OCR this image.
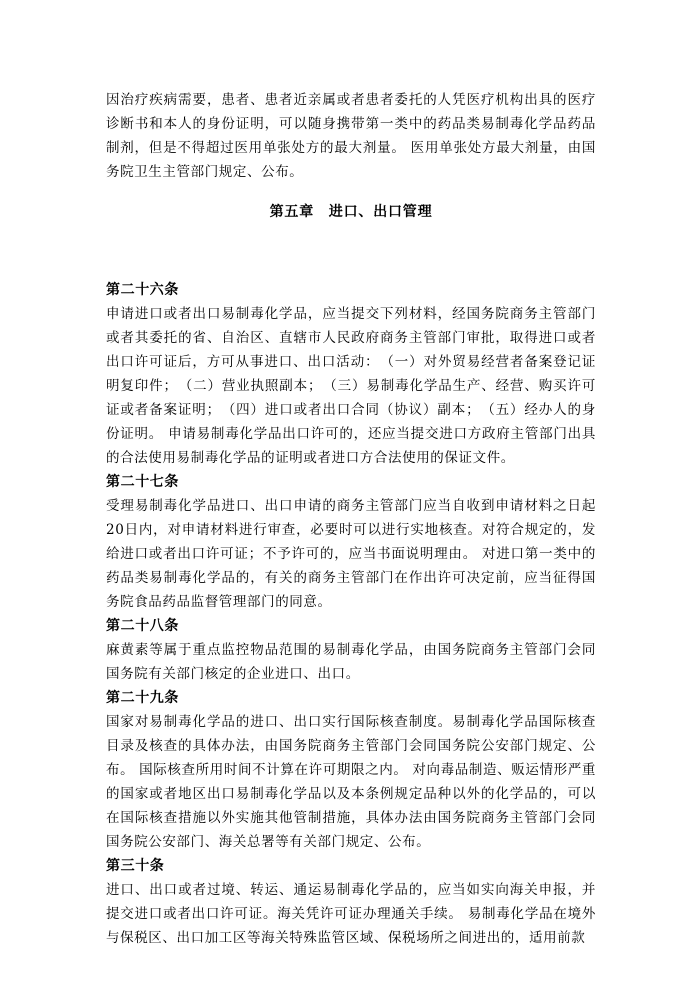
因治疗疾病需要，患者、患者近亲属或者患者委托的人凭医疗机构出具的医疗诊断书和本人的身份证明，可以随身携带第一类中的药品类易制毒化学品药品制剂，但是不得超过医用单张处方的最大剂量。 医用单张处方最大剂量，由国务院卫生主管部门规定、公布。

第五章　进口、出口管理
第二十六条

申请进口或者出口易制毒化学品，应当提交下列材料，经国务院商务主管部门或者其委托的省、自治区、直辖市人民政府商务主管部门审批，取得进口或者出口许可证后，方可从事进口、出口活动：　（一）对外贸易经营者备案登记证明复印件；　（二）营业执照副本；　（三）易制毒化学品生产、经营、购买许可证或者备案证明；　（四）进口或者出口合同（协议）副本；　（五）经办人的身份证明。 申请易制毒化学品出口许可的，还应当提交进口方政府主管部门出具的合法使用易制毒化学品的证明或者进口方合法使用的保证文件。

第二十七条

受理易制毒化学品进口、出口申请的商务主管部门应当自收到申请材料之日起20日内，对申请材料进行审查，必要时可以进行实地核查。对符合规定的，发给进口或者出口许可证；不予许可的，应当书面说明理由。 对进口第一类中的药品类易制毒化学品的，有关的商务主管部门在作出许可决定前，应当征得国务院食品药品监督管理部门的同意。

第二十八条

麻黄素等属于重点监控物品范围的易制毒化学品，由国务院商务主管部门会同国务院有关部门核定的企业进口、出口。

第二十九条

国家对易制毒化学品的进口、出口实行国际核查制度。易制毒化学品国际核查目录及核查的具体办法，由国务院商务主管部门会同国务院公安部门规定、公布。 国际核查所用时间不计算在许可期限之内。 对向毒品制造、贩运情形严重的国家或者地区出口易制毒化学品以及本条例规定品种以外的化学品的，可以在国际核查措施以外实施其他管制措施，具体办法由国务院商务主管部门会同国务院公安部门、海关总署等有关部门规定、公布。

第三十条

进口、出口或者过境、转运、通运易制毒化学品的，应当如实向海关申报，并提交进口或者出口许可证。海关凭许可证办理通关手续。 易制毒化学品在境外与保税区、出口加工区等海关特殊监管区域、保税场所之间进出的，适用前款
